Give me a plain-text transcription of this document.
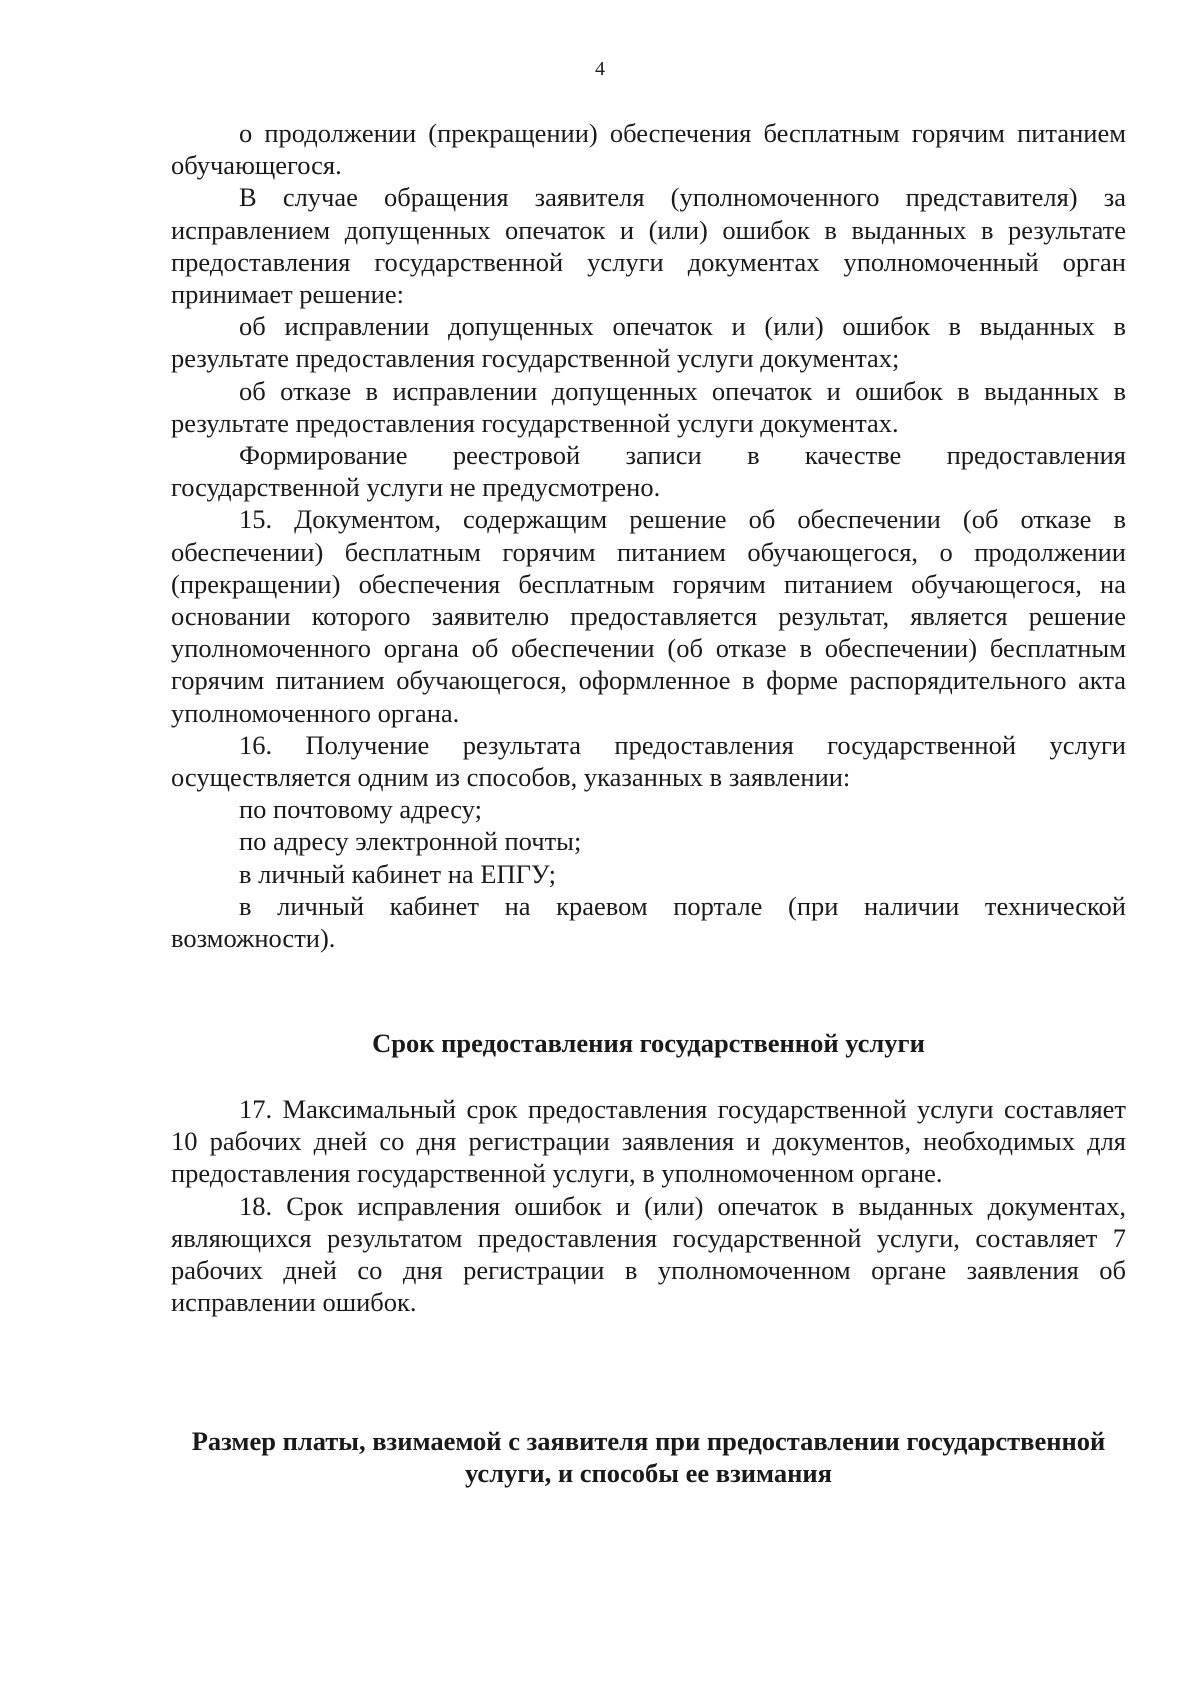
4

о продолжении (прекращении) обеспечения бесплатным горячим питанием обучающегося.

В случае обращения заявителя (уполномоченного представителя) за исправлением допущенных опечаток и (или) ошибок в выданных в результате предоставления государственной услуги документах уполномоченный орган принимает решение:

об исправлении допущенных опечаток и (или) ошибок в выданных в результате предоставления государственной услуги документах;

об отказе в исправлении допущенных опечаток и ошибок в выданных в результате предоставления государственной услуги документах.

Формирование реестровой записи в качестве предоставления государственной услуги не предусмотрено.

15. Документом, содержащим решение об обеспечении (об отказе в обеспечении) бесплатным горячим питанием обучающегося, о продолжении (прекращении) обеспечения бесплатным горячим питанием обучающегося, на основании которого заявителю предоставляется результат, является решение уполномоченного органа об обеспечении (об отказе в обеспечении) бесплатным горячим питанием обучающегося, оформленное в форме распорядительного акта уполномоченного органа.

16. Получение результата предоставления государственной услуги осуществляется одним из способов, указанных в заявлении:

по почтовому адресу;

по адресу электронной почты;

в личный кабинет на ЕПГУ;

в личный кабинет на краевом портале (при наличии технической возможности).

Срок предоставления государственной услуги

17. Максимальный срок предоставления государственной услуги составляет 10 рабочих дней со дня регистрации заявления и документов, необходимых для предоставления государственной услуги, в уполномоченном органе.

18. Срок исправления ошибок и (или) опечаток в выданных документах, являющихся результатом предоставления государственной услуги, составляет 7 рабочих дней со дня регистрации в уполномоченном органе заявления об исправлении ошибок.

Размер платы, взимаемой с заявителя при предоставлении государственной услуги, и способы ее взимания
